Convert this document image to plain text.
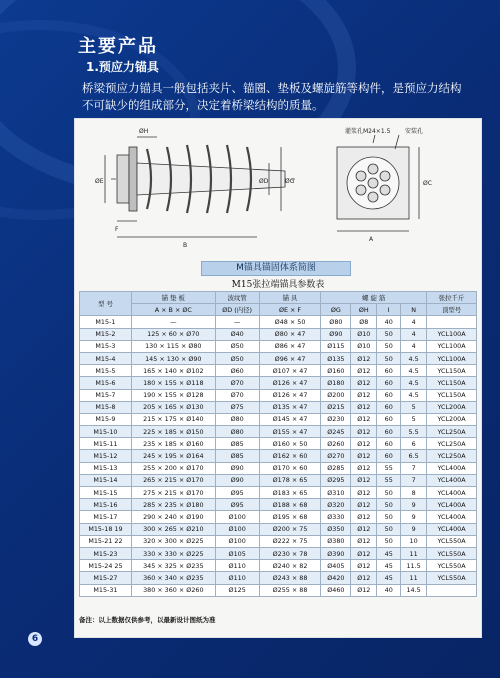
主要产品
1.预应力锚具
桥梁预应力锚具一般包括夹片、锚圈、垫板及螺旋筋等构件，是预应力结构不可缺少的组成部分，决定着桥梁结构的质量。
ØH
ØE
F
B
ØD	ØG
灌浆孔M24×1.5 安装孔
A
ØC
M锚具锚固体系简图
M15张拉端锚具参数表
型 号	锚 垫 板	波纹管	锚 具	螺 旋 筋				张拉千斤
	A × B × ØC	ØD (内径)	ØE × F	ØG	ØH	I	N	顶型号
M15-1	—	—	Ø48 × 50	Ø80	Ø8	40	4	
M15-2	125 × 60 × Ø70	Ø40	Ø80 × 47	Ø90	Ø10	50	4	YCL100A
M15-3	130 × 115 × Ø80	Ø50	Ø86 × 47	Ø115	Ø10	50	4	YCL100A
M15-4	145 × 130 × Ø90	Ø50	Ø96 × 47	Ø135	Ø12	50	4.5	YCL100A
M15-5	165 × 140 × Ø102	Ø60	Ø107 × 47	Ø160	Ø12	60	4.5	YCL150A
M15-6	180 × 155 × Ø118	Ø70	Ø126 × 47	Ø180	Ø12	60	4.5	YCL150A
M15-7	190 × 155 × Ø128	Ø70	Ø126 × 47	Ø200	Ø12	60	4.5	YCL150A
M15-8	205 × 165 × Ø130	Ø75	Ø135 × 47	Ø215	Ø12	60	5	YCL200A
M15-9	215 × 175 × Ø140	Ø80	Ø145 × 47	Ø230	Ø12	60	5	YCL200A
M15-10	225 × 185 × Ø150	Ø80	Ø155 × 47	Ø245	Ø12	60	5.5	YCL250A
M15-11	235 × 185 × Ø160	Ø85	Ø160 × 50	Ø260	Ø12	60	6	YCL250A
M15-12	245 × 195 × Ø164	Ø85	Ø162 × 60	Ø270	Ø12	60	6.5	YCL250A
M15-13	255 × 200 × Ø170	Ø90	Ø170 × 60	Ø285	Ø12	55	7	YCL400A
M15-14	265 × 215 × Ø170	Ø90	Ø178 × 65	Ø295	Ø12	55	7	YCL400A
M15-15	275 × 215 × Ø170	Ø95	Ø183 × 65	Ø310	Ø12	50	8	YCL400A
M15-16	285 × 235 × Ø180	Ø95	Ø188 × 68	Ø320	Ø12	50	9	YCL400A
M15-17	290 × 240 × Ø190	Ø100	Ø195 × 68	Ø330	Ø12	50	9	YCL400A
M15-18 19	300 × 265 × Ø210	Ø100	Ø200 × 75	Ø350	Ø12	50	9	YCL400A
M15-21 22	320 × 300 × Ø225	Ø100	Ø222 × 75	Ø380	Ø12	50	10	YCL550A
M15-23	330 × 330 × Ø225	Ø105	Ø230 × 78	Ø390	Ø12	45	11	YCL550A
M15-24 25	345 × 325 × Ø235	Ø110	Ø240 × 82	Ø405	Ø12	45	11.5	YCL550A
M15-27	360 × 340 × Ø235	Ø110	Ø243 × 88	Ø420	Ø12	45	11	YCL550A
M15-31	380 × 360 × Ø260	Ø125	Ø255 × 88	Ø460	Ø12	40	14.5	
备注：以上数据仅供参考，以最新设计图纸为准
6
